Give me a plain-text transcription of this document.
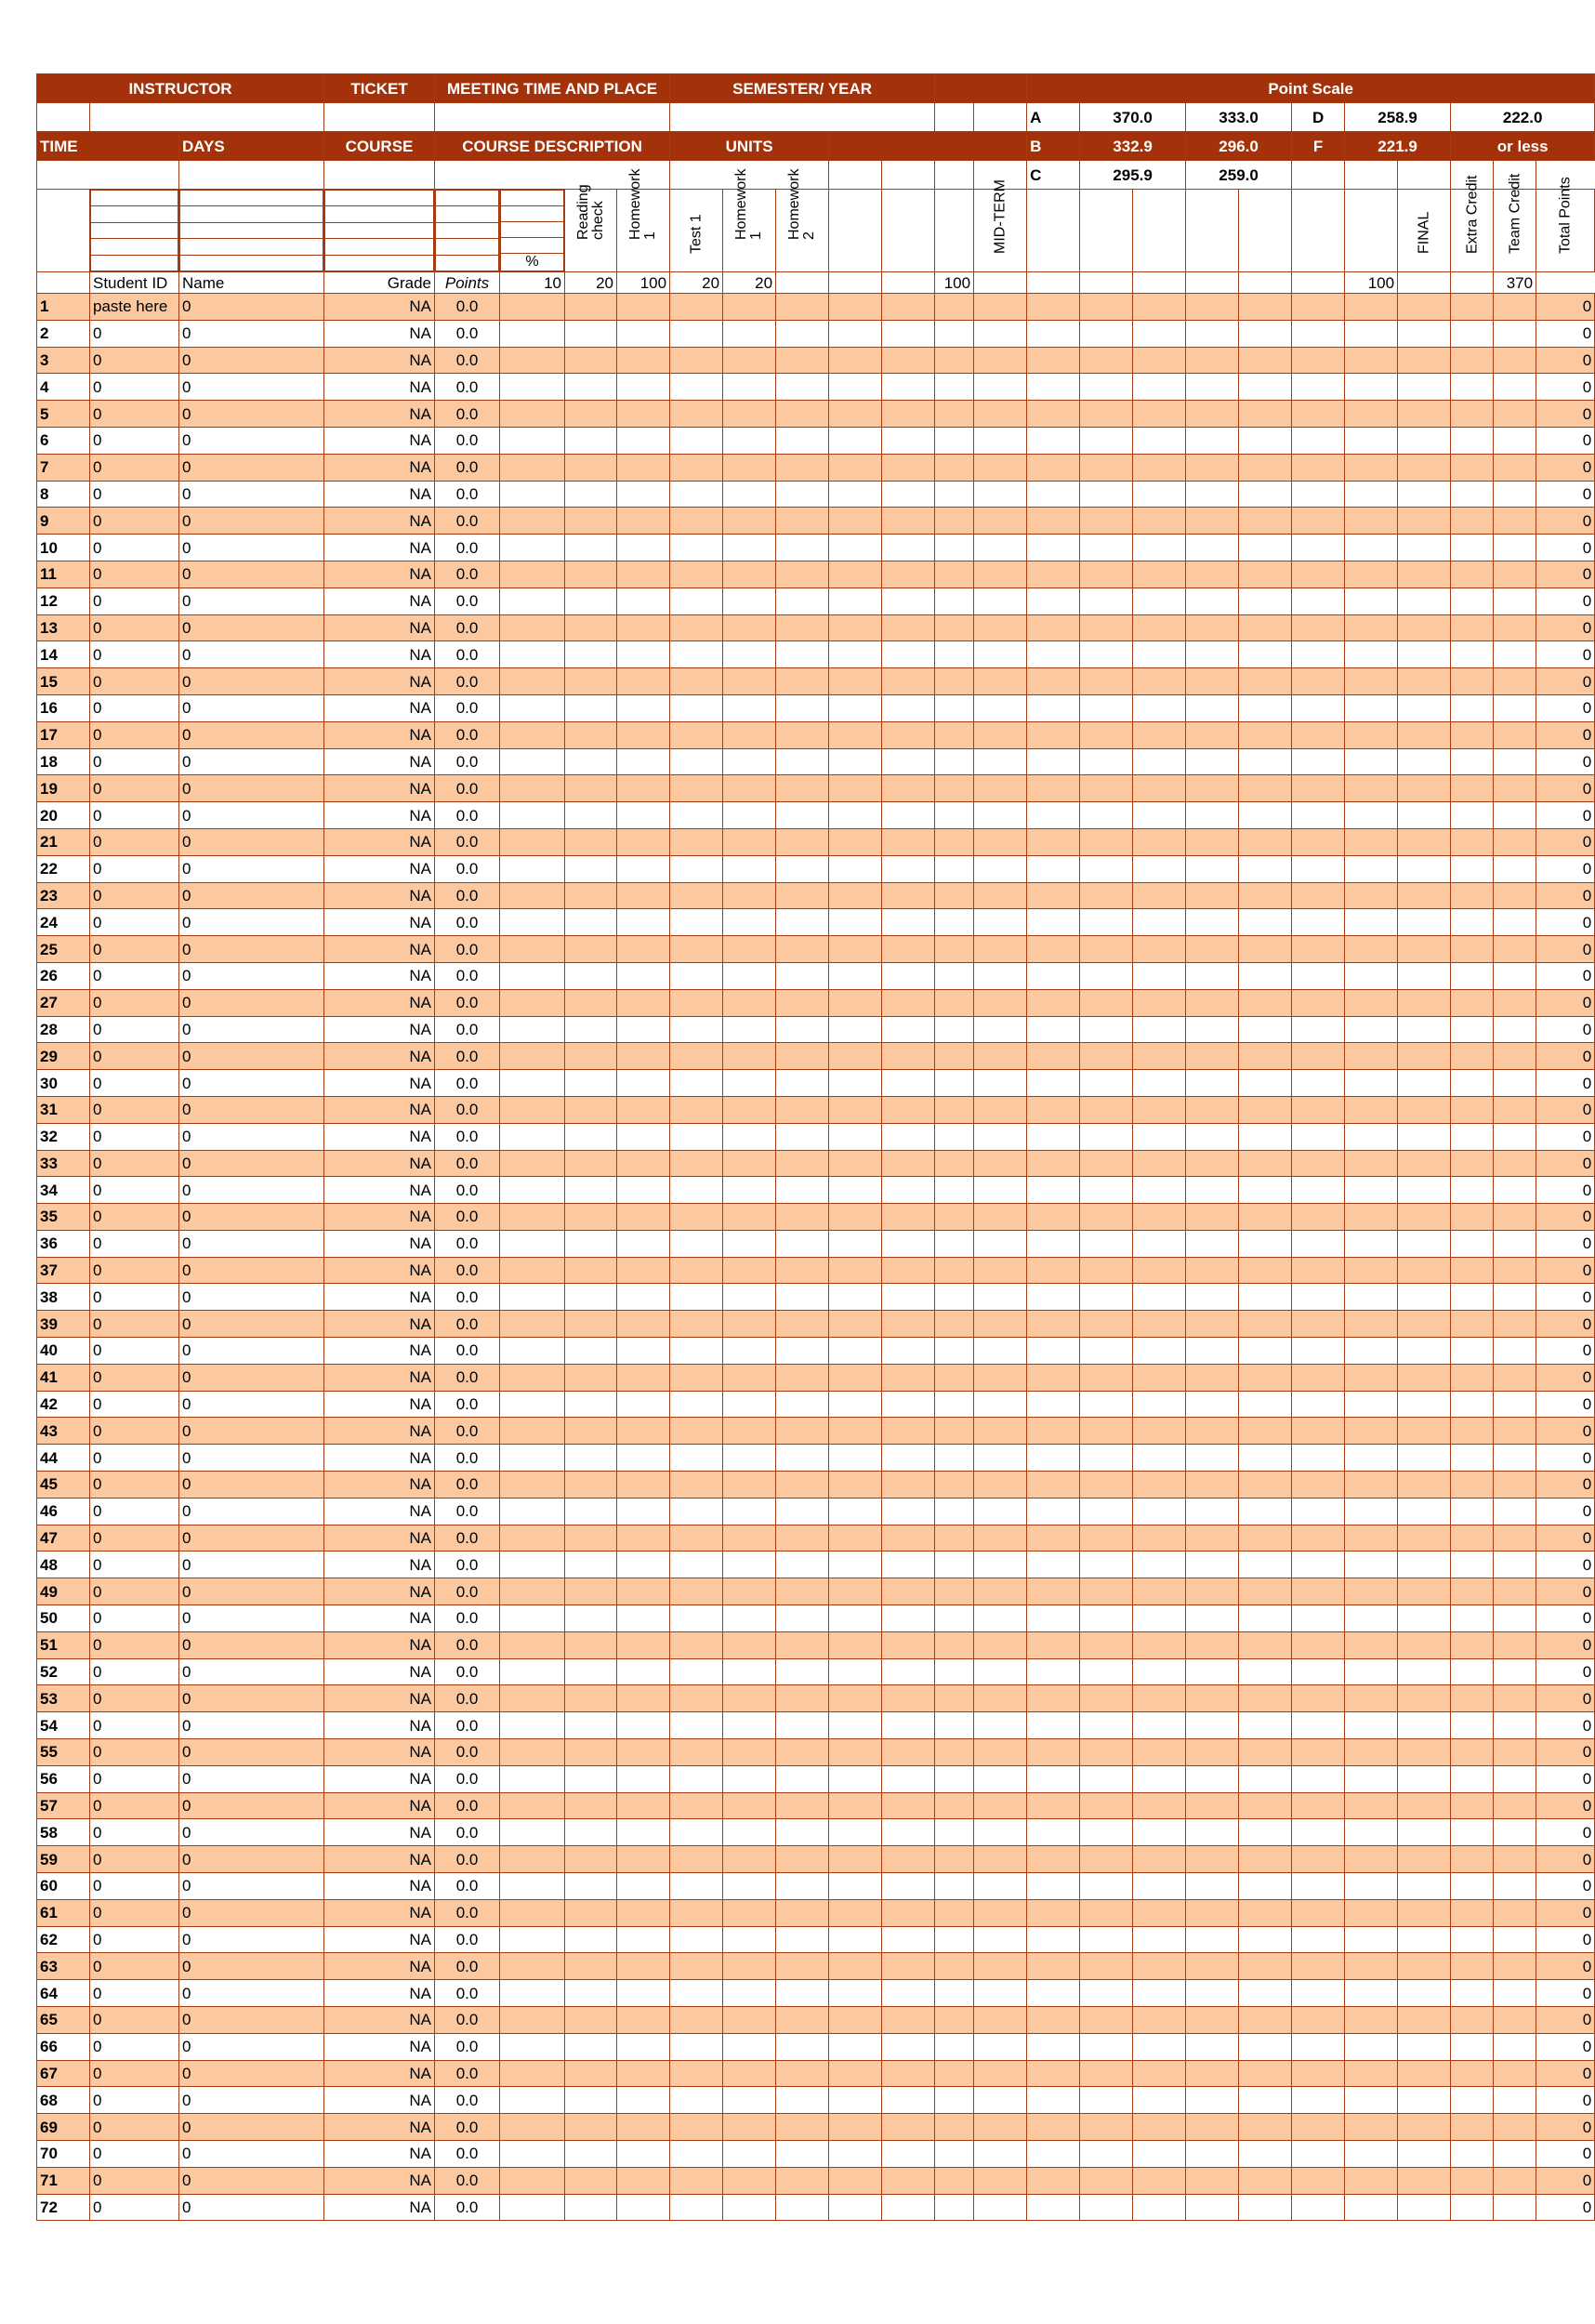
INSTRUCTOR	TICKET	MEETING TIME AND PLACE	SEMESTER/ YEAR		Point Scale
							A	370.0	333.0	D	258.9	222.0
TIME	DAYS	COURSE	COURSE DESCRIPTION	UNITS		B	332.9	296.0	F	221.9	or less
									C	295.9	259.0					

%

Reading check	Homework 1	Test 1	Homework 1	Homework 2				MID-TERM								FINAL	Extra Credit	Team Credit	Total Points

	Student ID	Name	Grade	Points	10	20	100	20	20				100								100			370
1	paste here	0	NA	0.0																					0
2	0	0	NA	0.0																					0
3	0	0	NA	0.0																					0
4	0	0	NA	0.0																					0
5	0	0	NA	0.0																					0
6	0	0	NA	0.0																					0
7	0	0	NA	0.0																					0
8	0	0	NA	0.0																					0
9	0	0	NA	0.0																					0
10	0	0	NA	0.0																					0
11	0	0	NA	0.0																					0
12	0	0	NA	0.0																					0
13	0	0	NA	0.0																					0
14	0	0	NA	0.0																					0
15	0	0	NA	0.0																					0
16	0	0	NA	0.0																					0
17	0	0	NA	0.0																					0
18	0	0	NA	0.0																					0
19	0	0	NA	0.0																					0
20	0	0	NA	0.0																					0
21	0	0	NA	0.0																					0
22	0	0	NA	0.0																					0
23	0	0	NA	0.0																					0
24	0	0	NA	0.0																					0
25	0	0	NA	0.0																					0
26	0	0	NA	0.0																					0
27	0	0	NA	0.0																					0
28	0	0	NA	0.0																					0
29	0	0	NA	0.0																					0
30	0	0	NA	0.0																					0
31	0	0	NA	0.0																					0
32	0	0	NA	0.0																					0
33	0	0	NA	0.0																					0
34	0	0	NA	0.0																					0
35	0	0	NA	0.0																					0
36	0	0	NA	0.0																					0
37	0	0	NA	0.0																					0
38	0	0	NA	0.0																					0
39	0	0	NA	0.0																					0
40	0	0	NA	0.0																					0
41	0	0	NA	0.0																					0
42	0	0	NA	0.0																					0
43	0	0	NA	0.0																					0
44	0	0	NA	0.0																					0
45	0	0	NA	0.0																					0
46	0	0	NA	0.0																					0
47	0	0	NA	0.0																					0
48	0	0	NA	0.0																					0
49	0	0	NA	0.0																					0
50	0	0	NA	0.0																					0
51	0	0	NA	0.0																					0
52	0	0	NA	0.0																					0
53	0	0	NA	0.0																					0
54	0	0	NA	0.0																					0
55	0	0	NA	0.0																					0
56	0	0	NA	0.0																					0
57	0	0	NA	0.0																					0
58	0	0	NA	0.0																					0
59	0	0	NA	0.0																					0
60	0	0	NA	0.0																					0
61	0	0	NA	0.0																					0
62	0	0	NA	0.0																					0
63	0	0	NA	0.0																					0
64	0	0	NA	0.0																					0
65	0	0	NA	0.0																					0
66	0	0	NA	0.0																					0
67	0	0	NA	0.0																					0
68	0	0	NA	0.0																					0
69	0	0	NA	0.0																					0
70	0	0	NA	0.0																					0
71	0	0	NA	0.0																					0
72	0	0	NA	0.0																					0
